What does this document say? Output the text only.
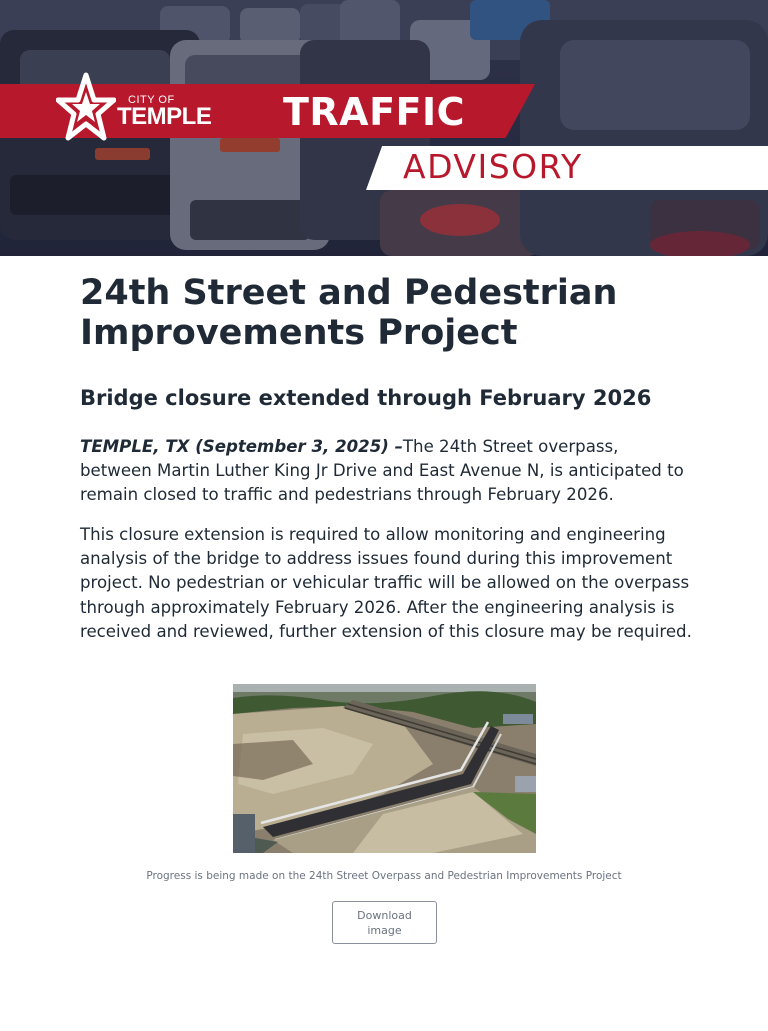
CITY OF
TEMPLE TRAFFIC
ADVISORY
24th Street and Pedestrian Improvements Project
Bridge closure extended through February 2026

TEMPLE, TX (September 3, 2025) –The 24th Street overpass, between Martin Luther King Jr Drive and East Avenue N, is anticipated to remain closed to traffic and pedestrians through February 2026.

This closure extension is required to allow monitoring and engineering analysis of the bridge to address issues found during this improvement project. No pedestrian or vehicular traffic will be allowed on the overpass through approximately February 2026. After the engineering analysis is received and reviewed, further extension of this closure may be required.

Progress is being made on the 24th Street Overpass and Pedestrian Improvements Project
Download image
